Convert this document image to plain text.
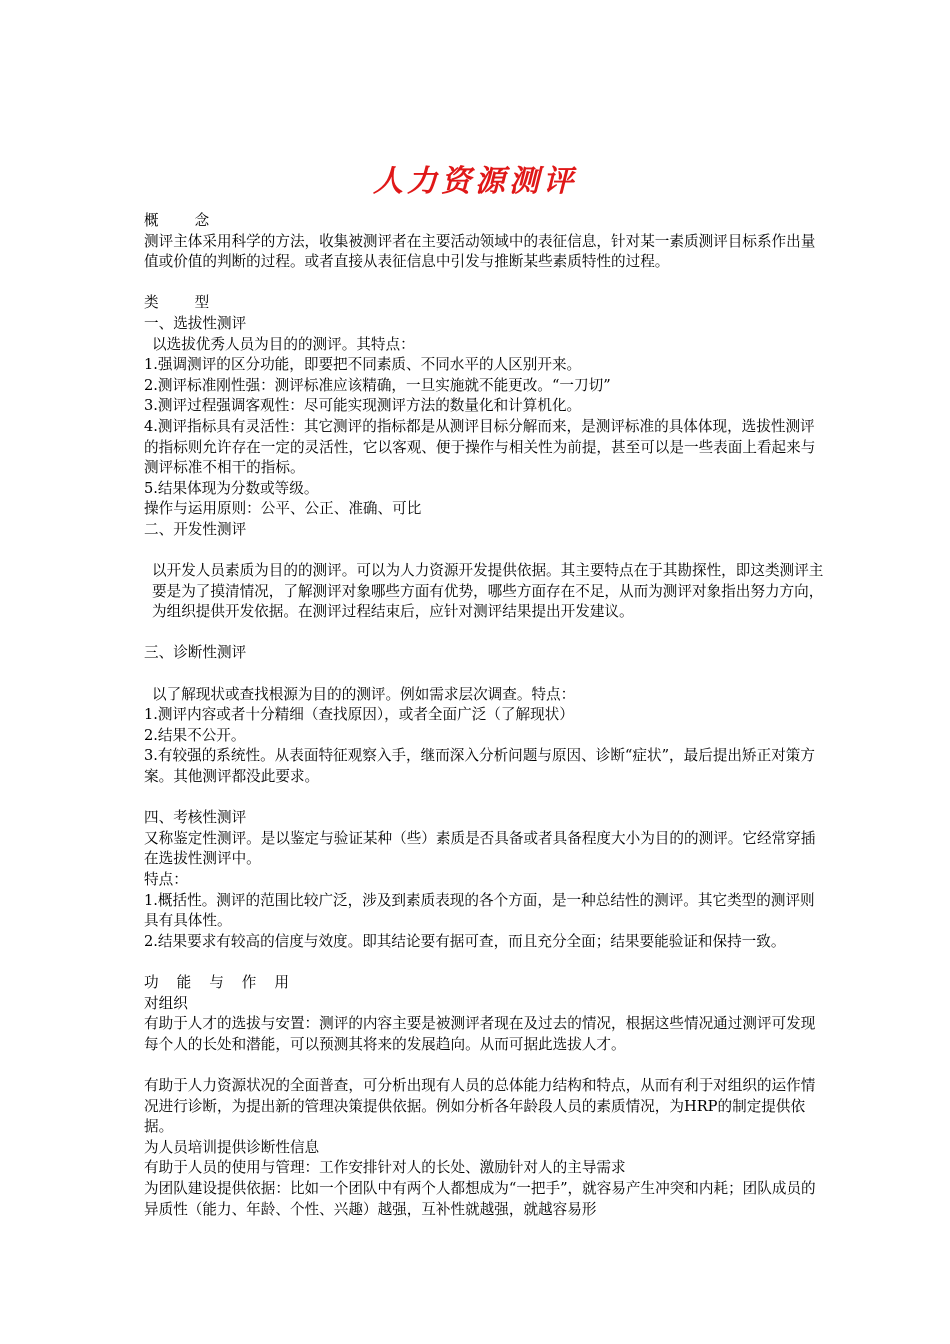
人力资源测评

概念

测评主体采用科学的方法，收集被测评者在主要活动领域中的表征信息，针对某一素质测评目标系作出量值或价值的判断的过程。或者直接从表征信息中引发与推断某些素质特性的过程。

类型

一、选拔性测评

以选拔优秀人员为目的的测评。其特点：

1.强调测评的区分功能，即要把不同素质、不同水平的人区别开来。

2.测评标准刚性强：测评标准应该精确，一旦实施就不能更改。“一刀切”

3.测评过程强调客观性：尽可能实现测评方法的数量化和计算机化。

4.测评指标具有灵活性：其它测评的指标都是从测评目标分解而来，是测评标准的具体体现，选拔性测评的指标则允许存在一定的灵活性，它以客观、便于操作与相关性为前提，甚至可以是一些表面上看起来与测评标准不相干的指标。

5.结果体现为分数或等级。

操作与运用原则：公平、公正、准确、可比

二、开发性测评

以开发人员素质为目的的测评。可以为人力资源开发提供依据。其主要特点在于其勘探性，即这类测评主要是为了摸清情况，了解测评对象哪些方面有优势，哪些方面存在不足，从而为测评对象指出努力方向，为组织提供开发依据。在测评过程结束后，应针对测评结果提出开发建议。

三、诊断性测评

以了解现状或查找根源为目的的测评。例如需求层次调查。特点：

1.测评内容或者十分精细（查找原因），或者全面广泛（了解现状）

2.结果不公开。

3.有较强的系统性。从表面特征观察入手，继而深入分析问题与原因、诊断“症状”，最后提出矫正对策方案。其他测评都没此要求。

四、考核性测评

又称鉴定性测评。是以鉴定与验证某种（些）素质是否具备或者具备程度大小为目的的测评。它经常穿插在选拔性测评中。

特点：

1.概括性。测评的范围比较广泛，涉及到素质表现的各个方面，是一种总结性的测评。其它类型的测评则具有具体性。

2.结果要求有较高的信度与效度。即其结论要有据可查，而且充分全面；结果要能验证和保持一致。

功能与作用

对组织

有助于人才的选拔与安置：测评的内容主要是被测评者现在及过去的情况，根据这些情况通过测评可发现每个人的长处和潜能，可以预测其将来的发展趋向。从而可据此选拔人才。

有助于人力资源状况的全面普查，可分析出现有人员的总体能力结构和特点，从而有利于对组织的运作情况进行诊断，为提出新的管理决策提供依据。例如分析各年龄段人员的素质情况，为HRP的制定提供依据。

为人员培训提供诊断性信息

有助于人员的使用与管理：工作安排针对人的长处、激励针对人的主导需求

为团队建设提供依据：比如一个团队中有两个人都想成为“一把手”，就容易产生冲突和内耗；团队成员的异质性（能力、年龄、个性、兴趣）越强，互补性就越强，就越容易形
